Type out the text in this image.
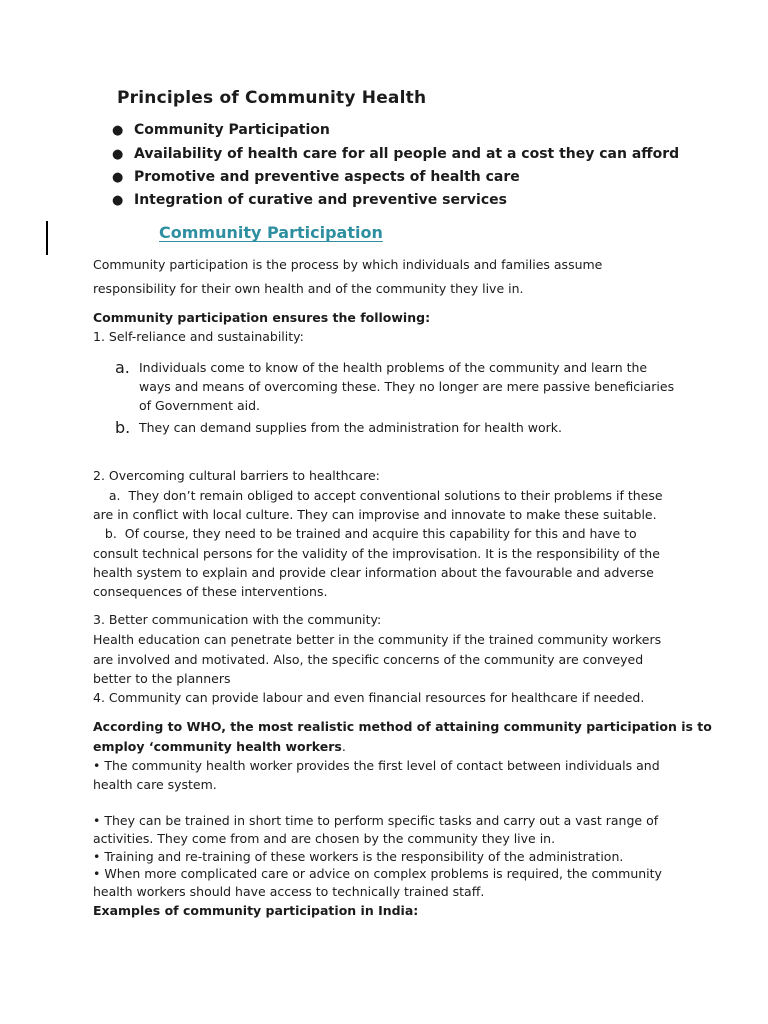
Principles of Community Health
● Community Participation
● Availability of health care for all people and at a cost they can afford
● Promotive and preventive aspects of health care
● Integration of curative and preventive services
Community Participation
Community participation is the process by which individuals and families assume
responsibility for their own health and of the community they live in.
Community participation ensures the following:
1. Self-reliance and sustainability:
a. Individuals come to know of the health problems of the community and learn the
ways and means of overcoming these. They no longer are mere passive beneficiaries
of Government aid.
b. They can demand supplies from the administration for health work.
2. Overcoming cultural barriers to healthcare:
a.  They don’t remain obliged to accept conventional solutions to their problems if these
are in conflict with local culture. They can improvise and innovate to make these suitable.
b.  Of course, they need to be trained and acquire this capability for this and have to
consult technical persons for the validity of the improvisation. It is the responsibility of the
health system to explain and provide clear information about the favourable and adverse
consequences of these interventions.
3. Better communication with the community:
Health education can penetrate better in the community if the trained community workers
are involved and motivated. Also, the specific concerns of the community are conveyed
better to the planners
4. Community can provide labour and even financial resources for healthcare if needed.
According to WHO, the most realistic method of attaining community participation is to
employ ‘community health workers.
• The community health worker provides the first level of contact between individuals and
health care system.
• They can be trained in short time to perform specific tasks and carry out a vast range of
activities. They come from and are chosen by the community they live in.
• Training and re-training of these workers is the responsibility of the administration.
• When more complicated care or advice on complex problems is required, the community
health workers should have access to technically trained staff.
Examples of community participation in India:
